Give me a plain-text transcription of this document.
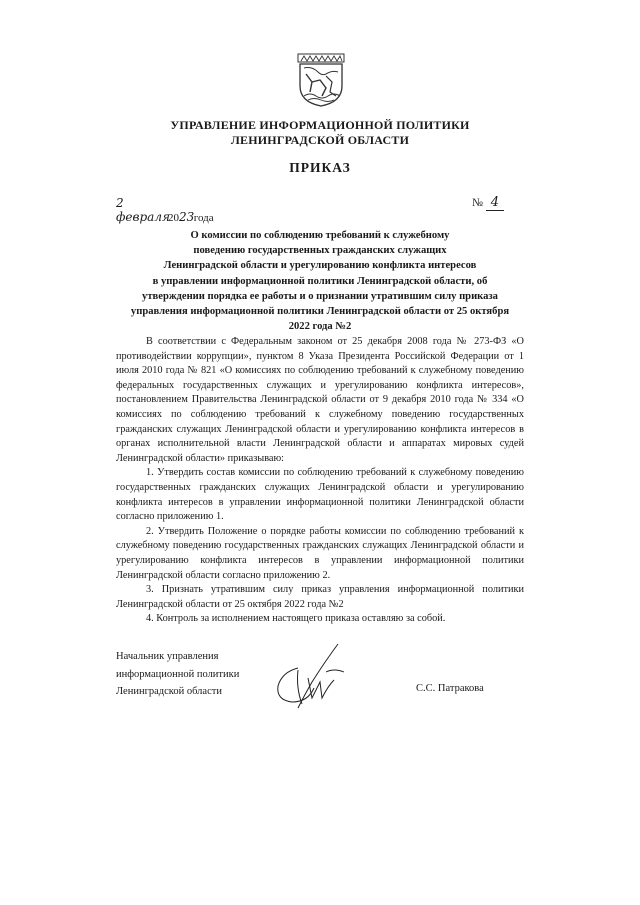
УПРАВЛЕНИЕ ИНФОРМАЦИОННОЙ ПОЛИТИКИ
ЛЕНИНГРАДСКОЙ ОБЛАСТИ
ПРИКАЗ
2 февраля2023 года
№ 4
О комиссии по соблюдению требований к служебному
поведению государственных гражданских служащих
Ленинградской области и урегулированию конфликта интересов
в управлении информационной политики Ленинградской области, об
утверждении порядка ее работы и о признании утратившим силу приказа
управления информационной политики Ленинградской области от 25 октября
2022 года №2

В соответствии с Федеральным законом от 25 декабря 2008 года № 273-ФЗ «О противодействии коррупции», пунктом 8 Указа Президента Российской Федерации от 1 июля 2010 года № 821 «О комиссиях по соблюдению требований к служебному поведению федеральных государственных служащих и урегулированию конфликта интересов», постановлением Правительства Ленинградской области от 9 декабря 2010 года № 334 «О комиссиях по соблюдению требований к служебному поведению государственных гражданских служащих Ленинградской области и урегулированию конфликта интересов в органах исполнительной власти Ленинградской области и аппаратах мировых судей Ленинградской области» приказываю:

1. Утвердить состав комиссии по соблюдению требований к служебному поведению государственных гражданских служащих Ленинградской области и урегулированию конфликта интересов в управлении информационной политики Ленинградской области согласно приложению 1.

2. Утвердить Положение о порядке работы комиссии по соблюдению требований к служебному поведению государственных гражданских служащих Ленинградской области и урегулированию конфликта интересов в управлении информационной политики Ленинградской области согласно приложению 2.

3. Признать утратившим силу приказ управления информационной политики Ленинградской области от 25 октября 2022 года №2

4. Контроль за исполнением настоящего приказа оставляю за собой.

Начальник управления
информационной политики
Ленинградской области	С.С. Патракова
